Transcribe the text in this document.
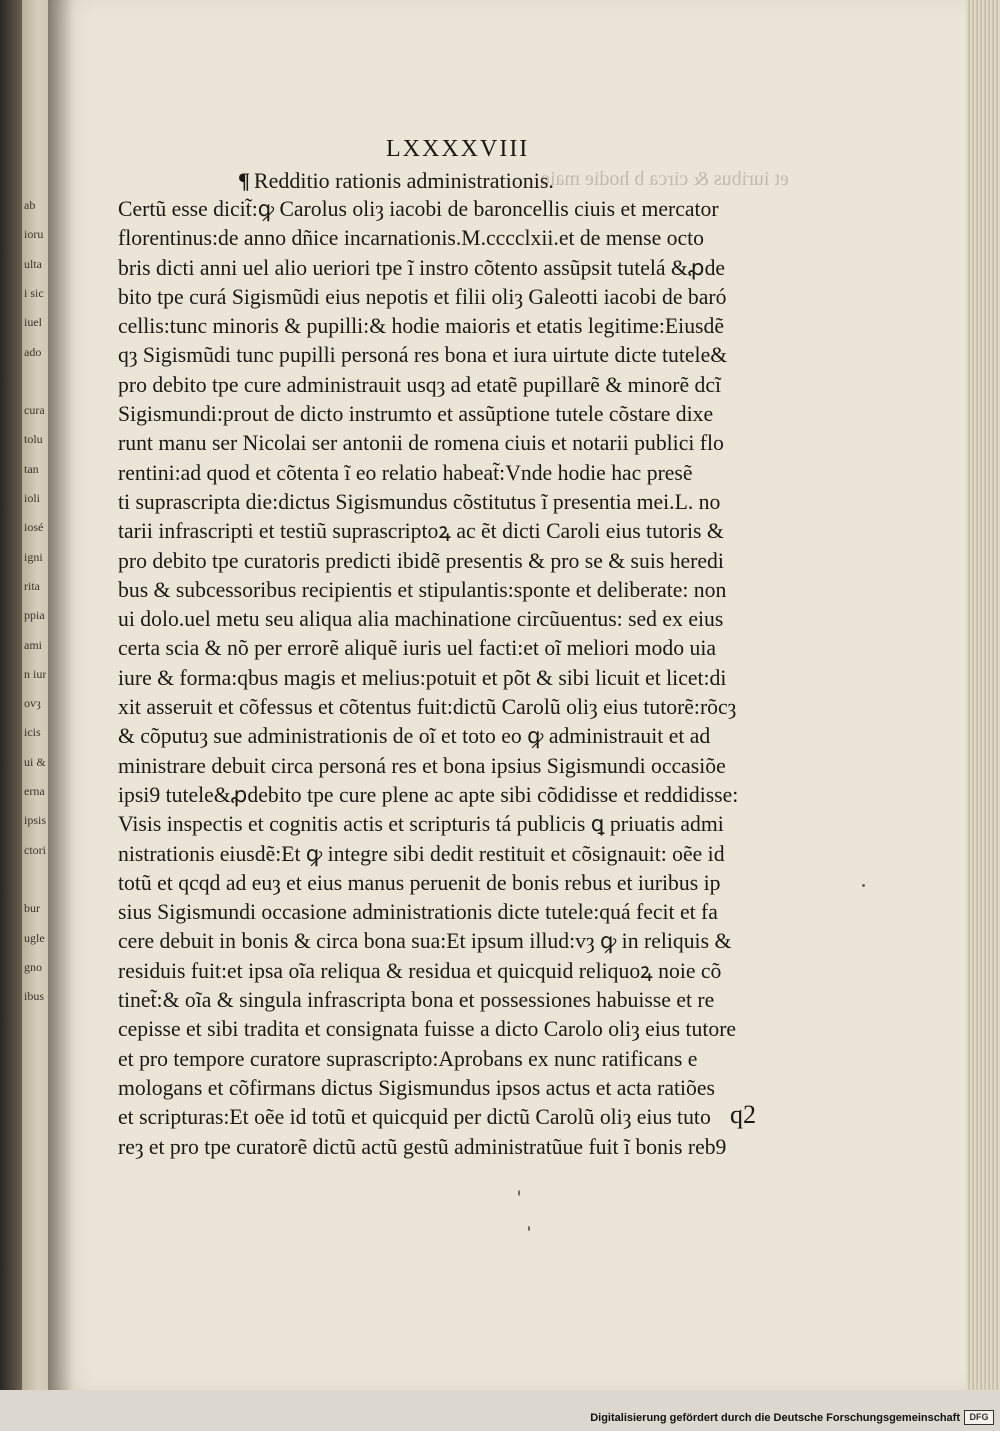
ab
ioru
ulta
i sic
iuel
ado
cura
tolu
tan
ioli
iosé
igni
rita
ppia
ami
n iur
ovȝ
icis
ui &
erna
ipsis
ctori
bur
ugle
gno
ibus
et iuribus & circa b hodie maio
LXXXXVIII
¶ Redditio rationis administrationis.
Certũ esse dicit̃:ꝙ Carolus oliȝ iacobi de baroncellis ciuis et mercator
florentinus:de anno dñice incarnationis.M.cccclxii.et de mense octo
bris dicti anni uel alio ueriori tpe ĩ instro cõtento assũpsit tutelá &ꝓde
bito tpe curá Sigismũdi eius nepotis et filii oliȝ Galeotti iacobi de baró
cellis:tunc minoris & pupilli:& hodie maioris et etatis legitime:Eiusdẽ
qȝ Sigismũdi tunc pupilli personá res bona et iura uirtute dicte tutele&
pro debito tpe cure administrauit usqȝ ad etatẽ pupillarẽ & minorẽ dcĩ
Sigismundi:prout de dicto instrumto et assũptione tutele cõstare dixe
runt manu ser Nicolai ser antonii de romena ciuis et notarii publici flo
rentini:ad quod et cõtenta ĩ eo relatio habeat̃:Vnde hodie hac presẽ
ti suprascripta die:dictus Sigismundus cõstitutus ĩ presentia mei.L. no
tarii infrascripti et testiũ suprascriptoꝝ ac ẽt dicti Caroli eius tutoris &
pro debito tpe curatoris predicti ibidẽ presentis & pro se & suis heredi
bus & subcessoribus recipientis et stipulantis:sponte et deliberate: non
ui dolo.uel metu seu aliqua alia machinatione circũuentus: sed ex eius
certa scia & nõ per errorẽ aliquẽ iuris uel facti:et oĩ meliori modo uia
iure & forma:qbus magis et melius:potuit et põt & sibi licuit et licet:di
xit asseruit et cõfessus et cõtentus fuit:dictũ Carolũ oliȝ eius tutorẽ:rõcȝ
& cõputuȝ sue administrationis de oĩ et toto eo ꝙ administrauit et ad
ministrare debuit circa personá res et bona ipsius Sigismundi occasiõe
ipsi9 tutele&ꝓdebito tpe cure plene ac apte sibi cõdidisse et reddidisse:
Visis inspectis et cognitis actis et scripturis tá publicis ꝗ priuatis admi
nistrationis eiusdẽ:Et ꝙ integre sibi dedit restituit et cõsignauit: oẽe id
totũ et qcqd ad euȝ et eius manus peruenit de bonis rebus et iuribus ip
sius Sigismundi occasione administrationis dicte tutele:quá fecit et fa
cere debuit in bonis & circa bona sua:Et ipsum illud:vȝ ꝙ in reliquis &
residuis fuit:et ipsa oĩa reliqua & residua et quicquid reliquoꝝ noie cõ
tinet̃:& oĩa & singula infrascripta bona et possessiones habuisse et re
cepisse et sibi tradita et consignata fuisse a dicto Carolo oliȝ eius tutore
et pro tempore curatore suprascripto:Aprobans ex nunc ratificans e
mologans et cõfirmans dictus Sigismundus ipsos actus et acta ratiões
et scripturas:Et oẽe id totũ et quicquid per dictũ Carolũ oliȝ eius tuto
reȝ et pro tpe curatorẽ dictũ actũ gestũ administratũue fuit ĩ bonis reb9
q2
Digitalisierung gefördert durch die Deutsche Forschungsgemeinschaft	DFG
